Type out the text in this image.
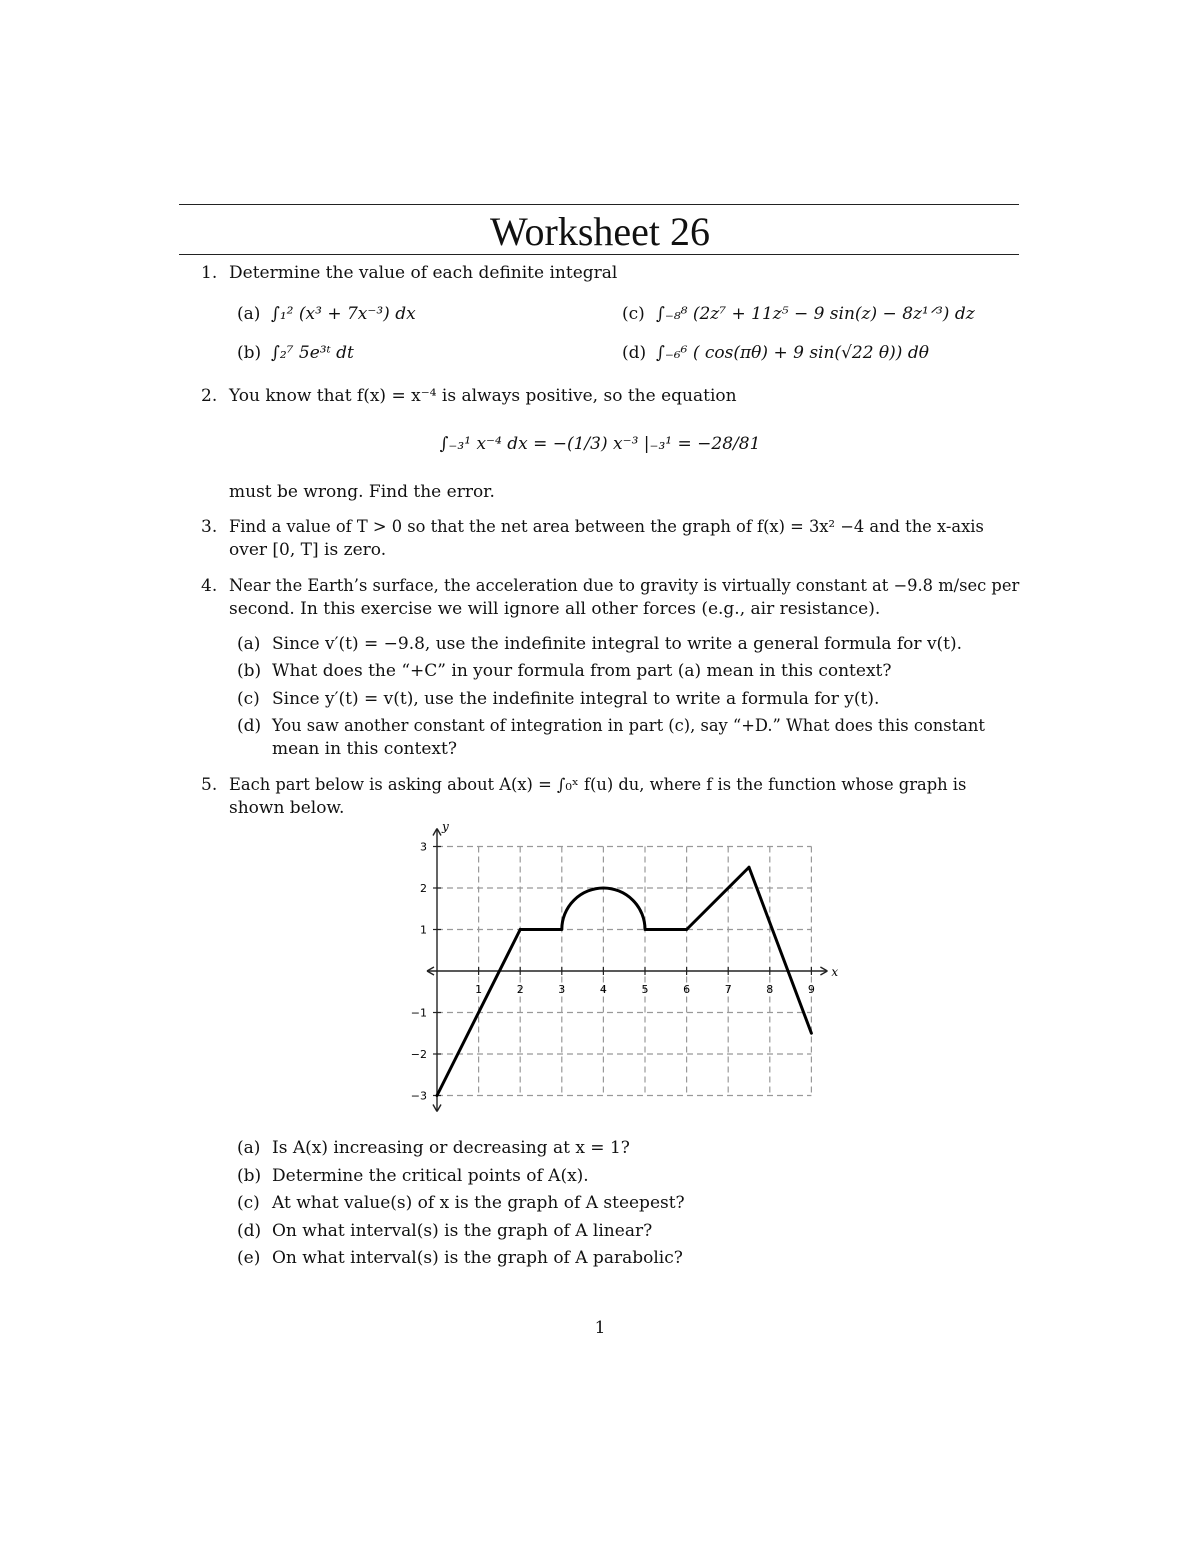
Worksheet 26
1. Determine the value of each definite integral
(a) ∫₁² (x³ + 7x⁻³) dx	(c) ∫₋₈⁸ (2z⁷ + 11z⁵ − 9 sin(z) − 8z¹ᐟ³) dz
(b) ∫₂⁷ 5e³ᵗ dt	(d) ∫₋₆⁶ ( cos(πθ) + 9 sin(√22 θ)) dθ
2. You know that f(x) = x⁻⁴ is always positive, so the equation
∫₋₃¹ x⁻⁴ dx = −(1/3) x⁻³ |₋₃¹ = −28/81
must be wrong. Find the error.
3. Find a value of T > 0 so that the net area between the graph of f(x) = 3x² −4 and the x-axis
over [0, T] is zero.
4. Near the Earth’s surface, the acceleration due to gravity is virtually constant at −9.8 m/sec per
second. In this exercise we will ignore all other forces (e.g., air resistance).
(a) Since v′(t) = −9.8, use the indefinite integral to write a general formula for v(t).
(b) What does the “+C” in your formula from part (a) mean in this context?
(c) Since y′(t) = v(t), use the indefinite integral to write a formula for y(t).
(d) You saw another constant of integration in part (c), say “+D.” What does this constant
mean in this context?
5. Each part below is asking about A(x) = ∫₀ˣ f(u) du, where f is the function whose graph is
shown below.
x
y
1	2	3	4	5	6	7	8	9
3
2
1
−1
−2
−3
(a) Is A(x) increasing or decreasing at x = 1?
(b) Determine the critical points of A(x).
(c) At what value(s) of x is the graph of A steepest?
(d) On what interval(s) is the graph of A linear?
(e) On what interval(s) is the graph of A parabolic?
1
